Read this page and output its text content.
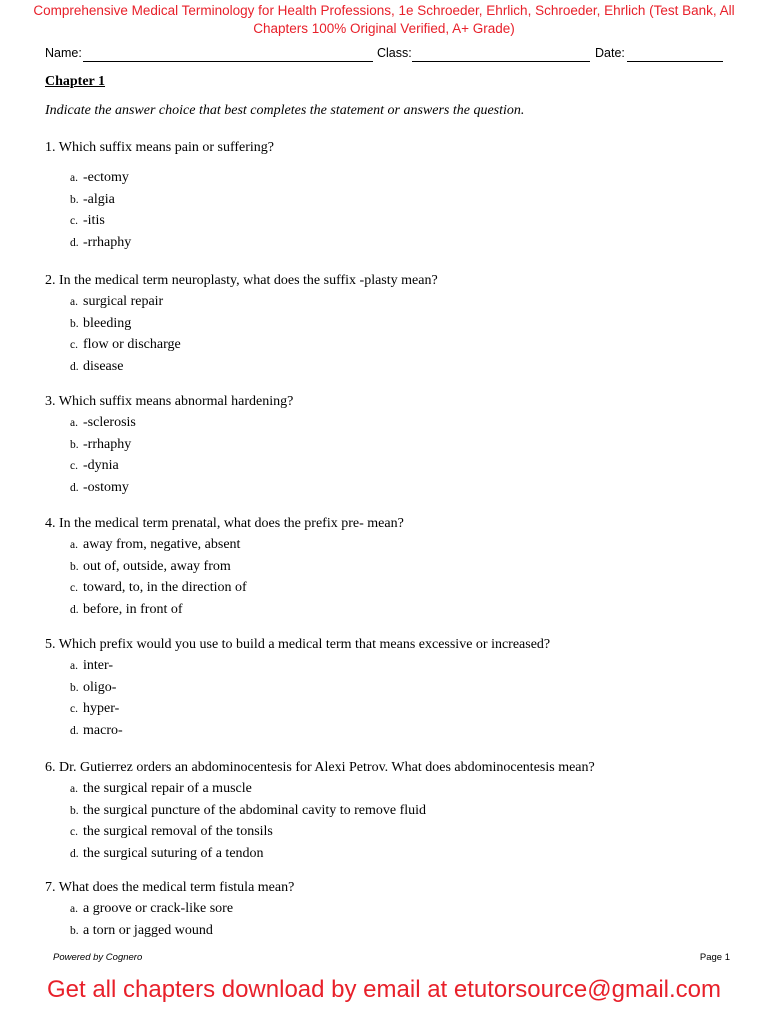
Comprehensive Medical Terminology for Health Professions, 1e Schroeder, Ehrlich, Schroeder, Ehrlich (Test Bank, All Chapters 100% Original Verified, A+ Grade)
Name:	Class:	Date:
Chapter 1
Indicate the answer choice that best completes the statement or answers the question.
1. Which suffix means pain or suffering?
a. -ectomy
b. -algia
c. -itis
d. -rrhaphy
2. In the medical term neuroplasty, what does the suffix -plasty mean?
a. surgical repair
b. bleeding
c. flow or discharge
d. disease
3. Which suffix means abnormal hardening?
a. -sclerosis
b. -rrhaphy
c. -dynia
d. -ostomy
4. In the medical term prenatal, what does the prefix pre- mean?
a. away from, negative, absent
b. out of, outside, away from
c. toward, to, in the direction of
d. before, in front of
5. Which prefix would you use to build a medical term that means excessive or increased?
a. inter-
b. oligo-
c. hyper-
d. macro-
6. Dr. Gutierrez orders an abdominocentesis for Alexi Petrov. What does abdominocentesis mean?
a. the surgical repair of a muscle
b. the surgical puncture of the abdominal cavity to remove fluid
c. the surgical removal of the tonsils
d. the surgical suturing of a tendon
7. What does the medical term fistula mean?
a. a groove or crack-like sore
b. a torn or jagged wound
Powered by Cognero	Page 1
Get all chapters download by email at etutorsource@gmail.com
